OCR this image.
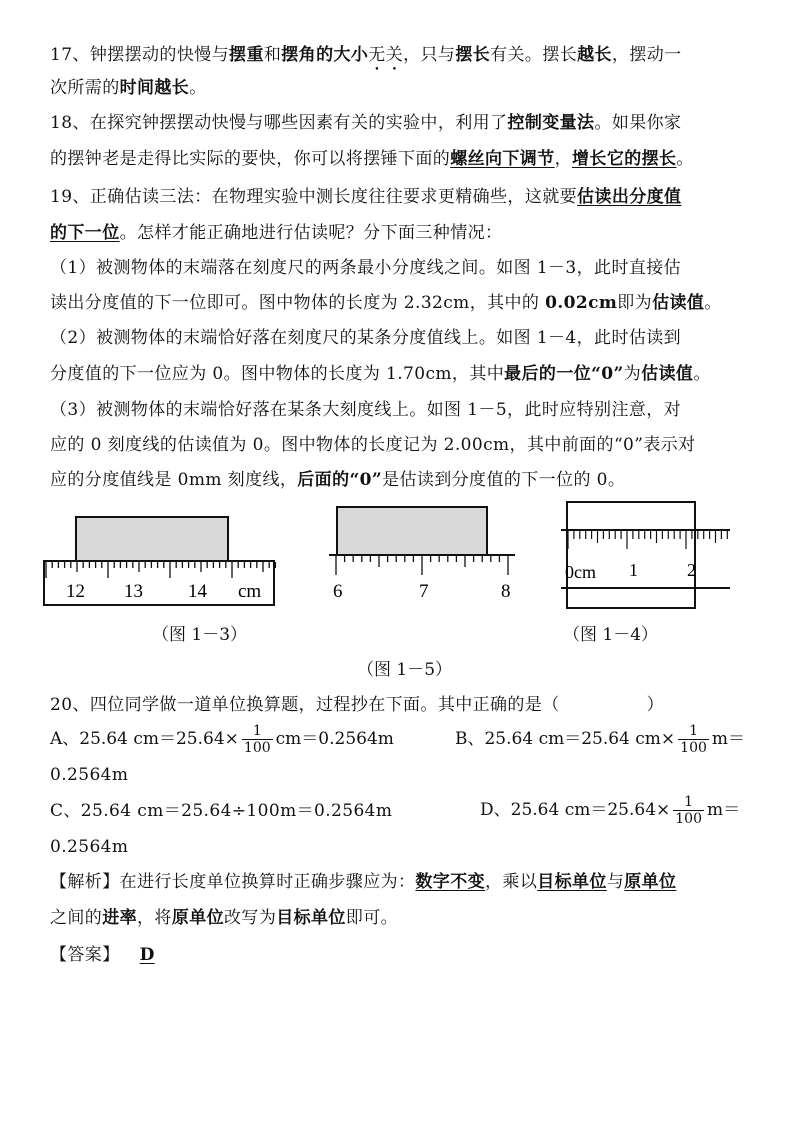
17、钟摆摆动的快慢与摆重和摆角的大小无关，只与摆长有关。摆长越长，摆动一
次所需的时间越长。
18、在探究钟摆摆动快慢与哪些因素有关的实验中，利用了控制变量法。如果你家
的摆钟老是走得比实际的要快，你可以将摆锤下面的螺丝向下调节，增长它的摆长。
19、正确估读三法：在物理实验中测长度往往要求更精确些，这就要估读出分度值
的下一位。怎样才能正确地进行估读呢？分下面三种情况：
（1）被测物体的末端落在刻度尺的两条最小分度线之间。如图 1－3，此时直接估
读出分度值的下一位即可。图中物体的长度为 2.32cm，其中的 0.02cm即为估读值。
（2）被测物体的末端恰好落在刻度尺的某条分度值线上。如图 1－4，此时估读到
分度值的下一位应为 0。图中物体的长度为 1.70cm，其中最后的一位“0”为估读值。
（3）被测物体的末端恰好落在某条大刻度线上。如图 1－5，此时应特别注意，对
应的 0 刻度线的估读值为 0。图中物体的长度记为 2.00cm，其中前面的“0”表示对
应的分度值线是 0mm 刻度线，后面的“0”是估读到分度值的下一位的 0。
12 13 14 cm	6	7	8
0cm 1	2
（图 1－3）	（图 1－4）
（图 1－5）
20、四位同学做一道单位换算题，过程抄在下面。其中正确的是（　　　　　）
A、25.64 $cm=25.64\times \frac{1}{100} cm=0.2564m$	B、25.64 cm＝25.64 $cm\times \frac{1}{100} m=$
0.2564m
C、25.64 cm＝25.64÷100m＝0.2564m	D、25.64 $cm=25.64\times \frac{1}{100} m=$
0.2564m
【解析】在进行长度单位换算时正确步骤应为：数字不变，乘以目标单位与原单位
之间的进率，将原单位改写为目标单位即可。
【答案】 D
